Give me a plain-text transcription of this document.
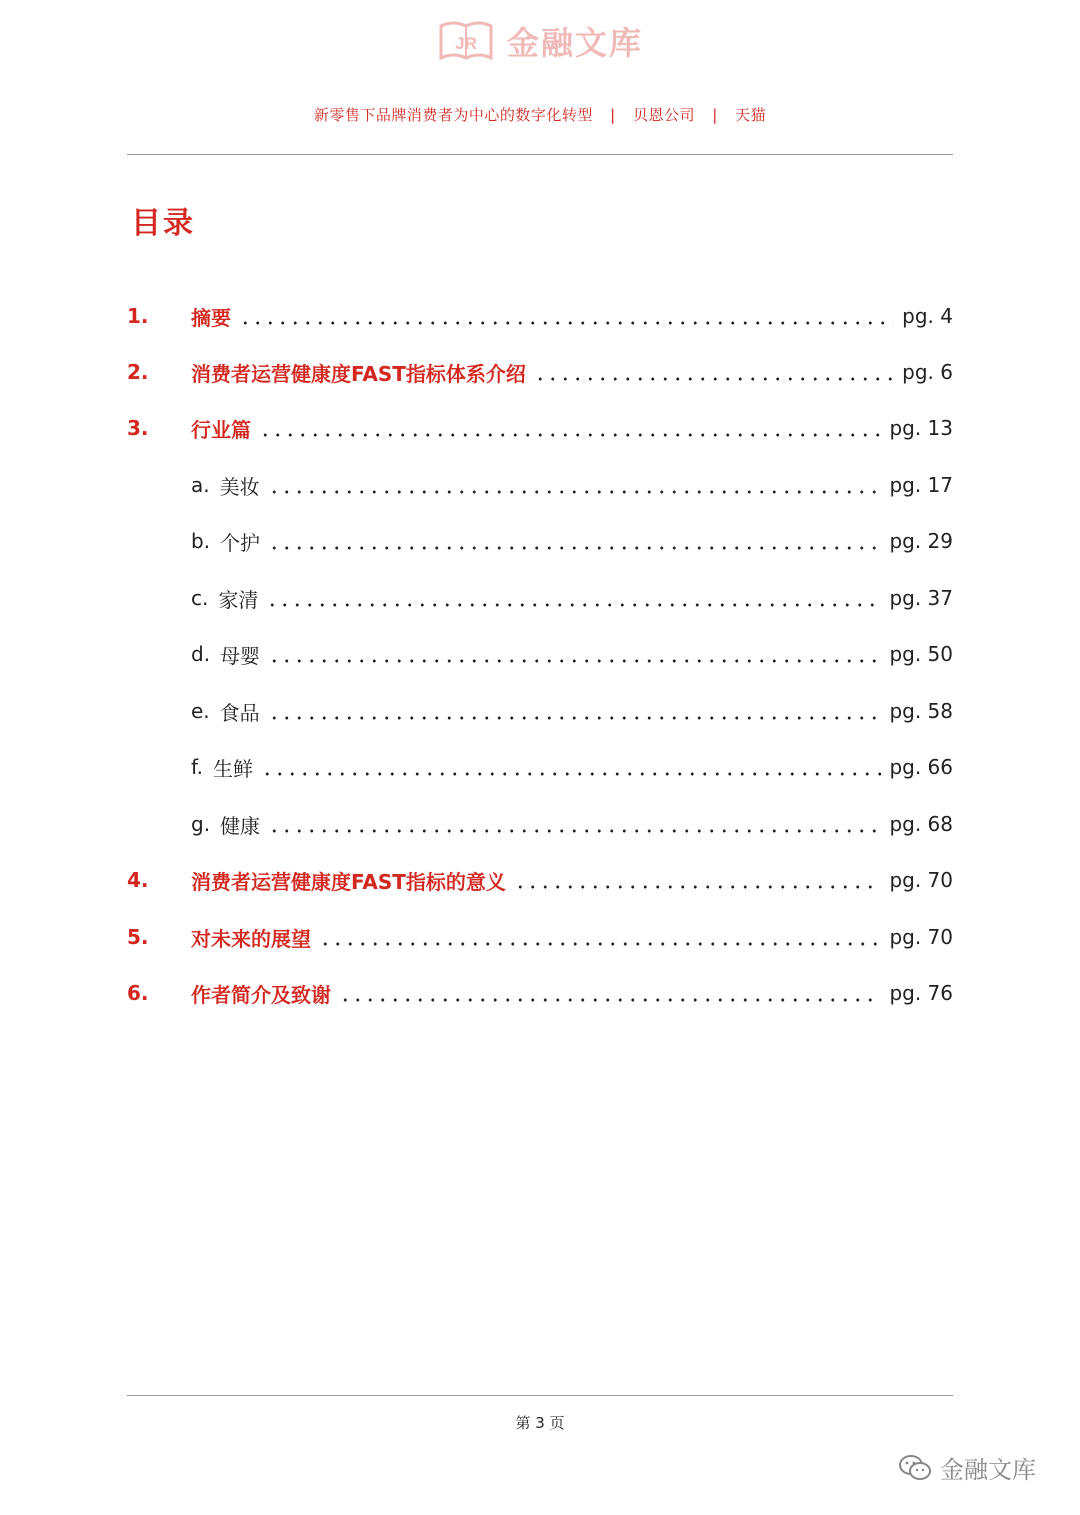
JR 金融文库
新零售下品牌消费者为中心的数字化转型 | 贝恩公司 | 天猫
目录
1.	摘要	pg. 4
2.	消费者运营健康度FAST指标体系介绍	pg. 6
3.	行业篇	pg. 13
a. 美妆	pg. 17
b. 个护	pg. 29
c. 家清	pg. 37
d. 母婴	pg. 50
e. 食品	pg. 58
f. 生鲜	pg. 66
g. 健康	pg. 68
4.	消费者运营健康度FAST指标的意义	pg. 70
5.	对未来的展望	pg. 70
6.	作者简介及致谢	pg. 76
第 3 页
金融文库
